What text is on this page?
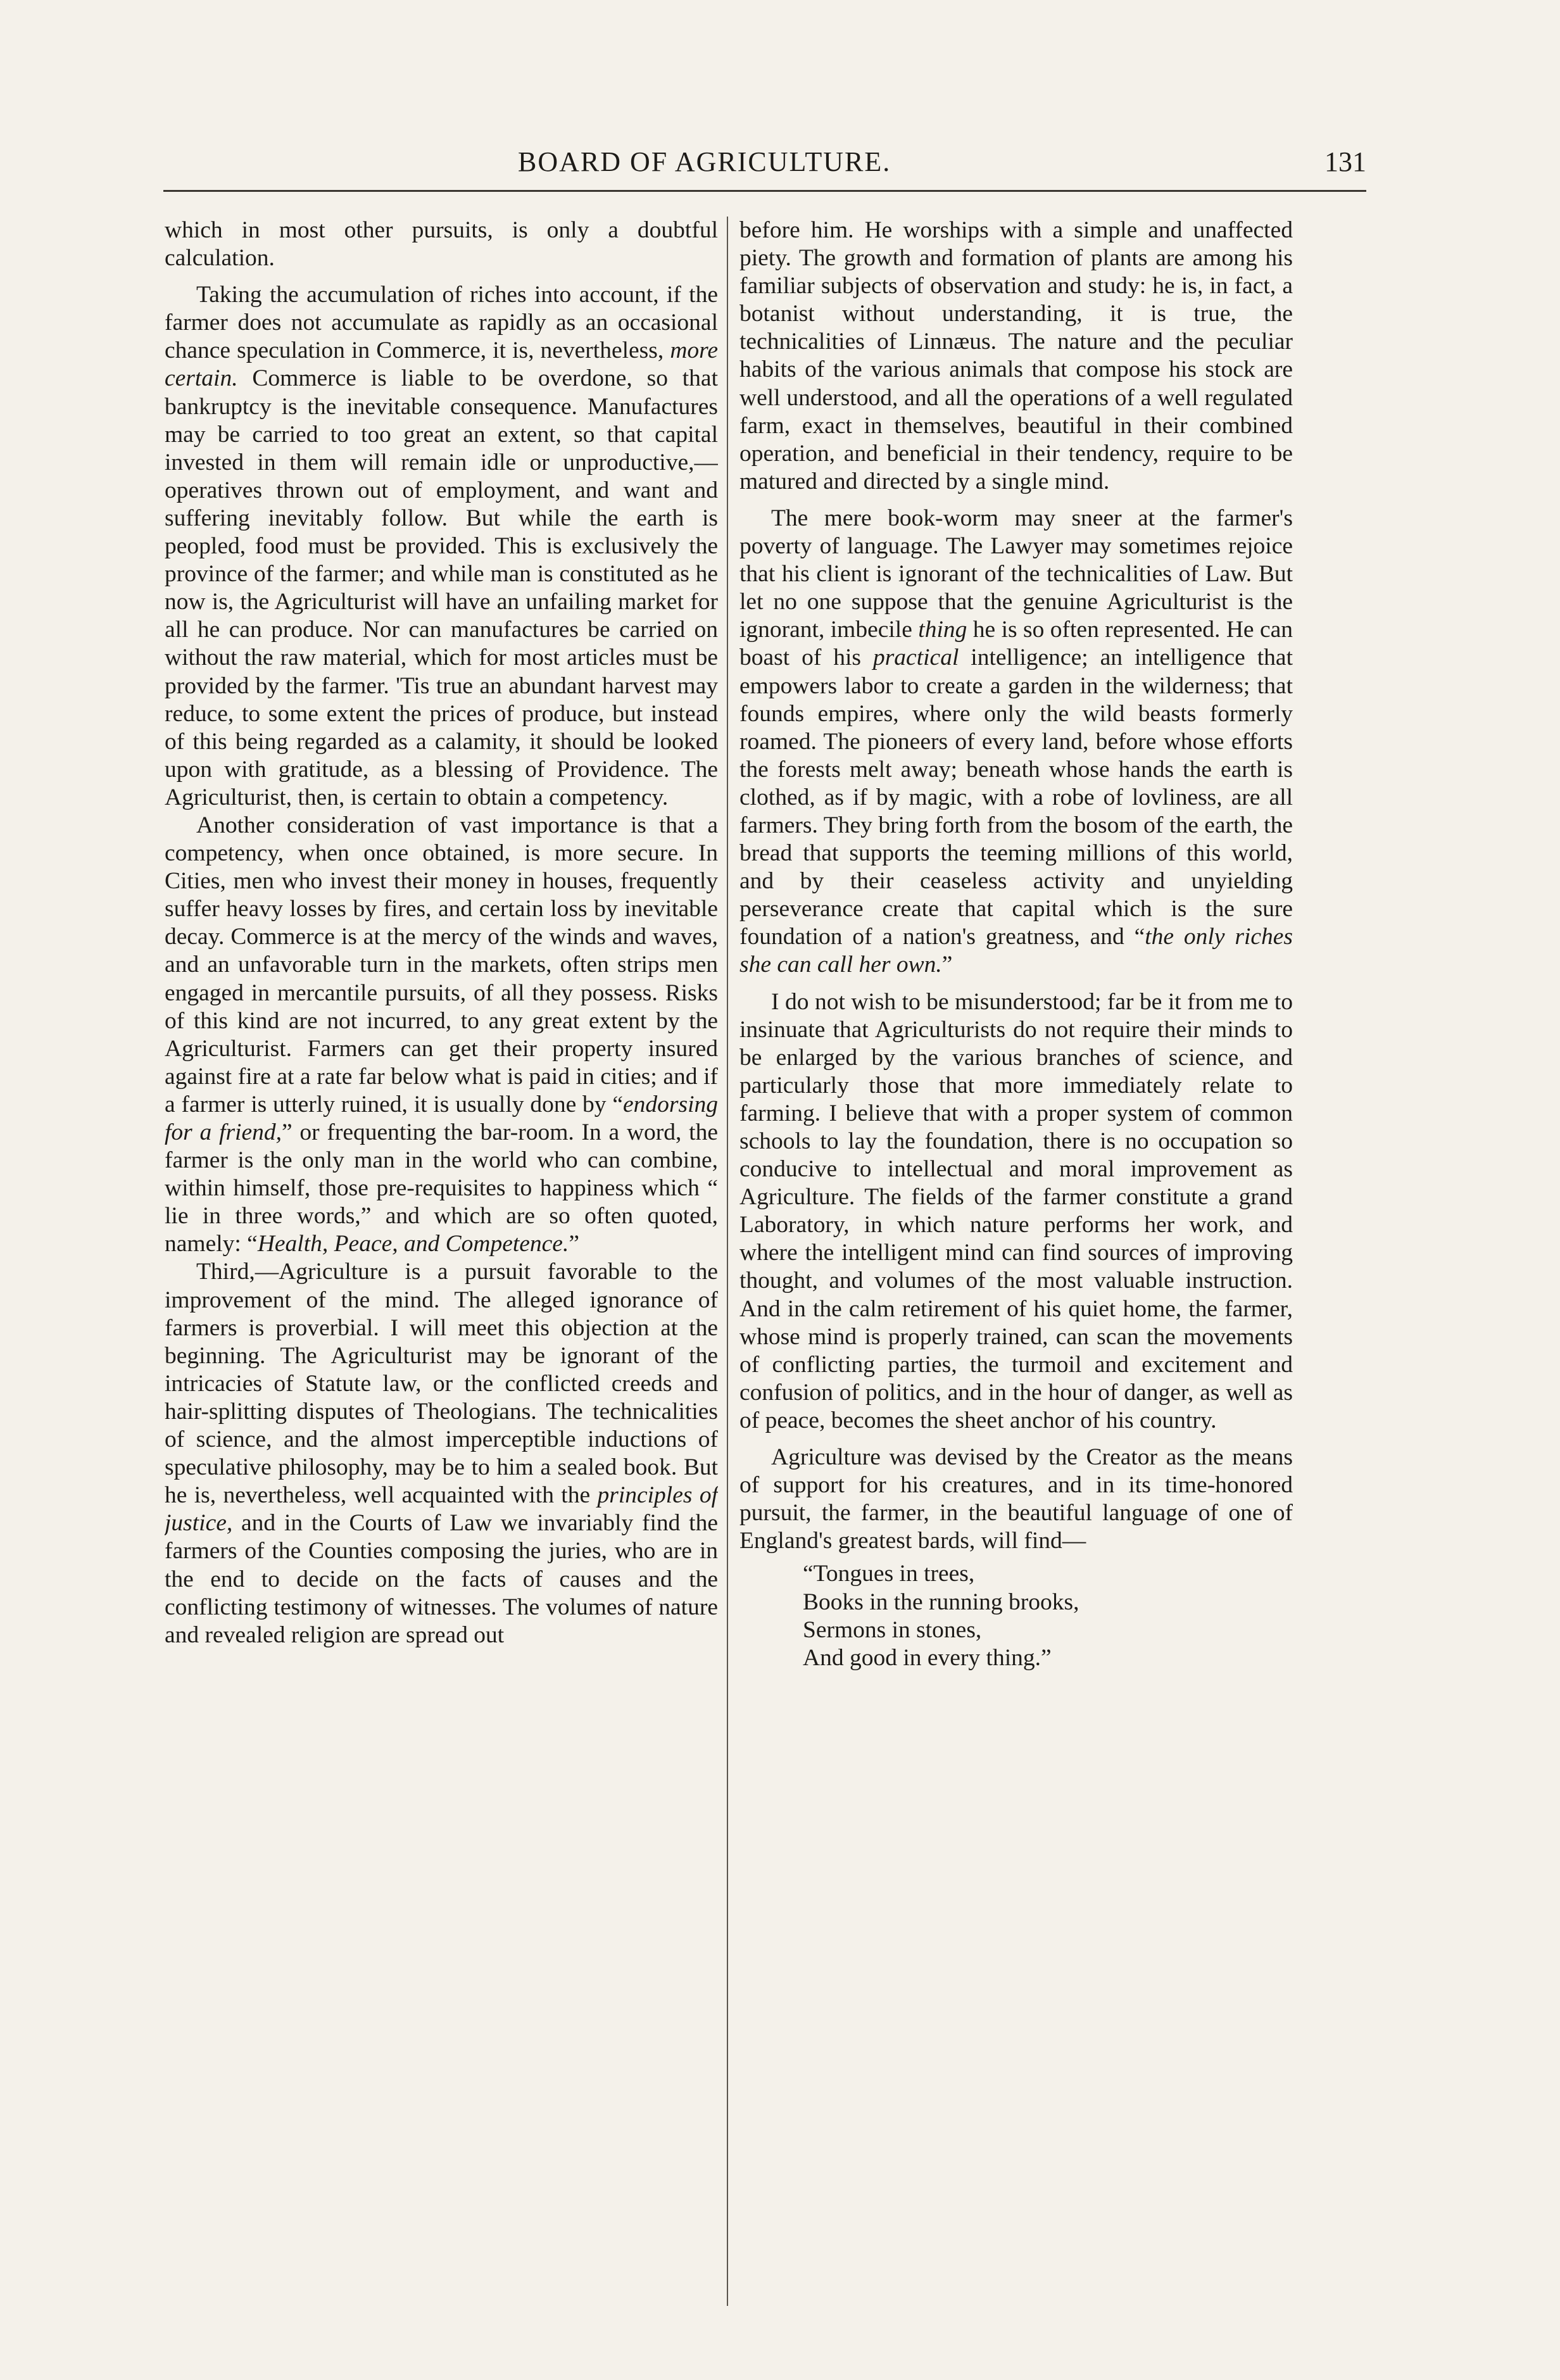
BOARD OF AGRICULTURE.	131

which in most other pursuits, is only a doubtful calculation.

Taking the accumulation of riches into account, if the farmer does not accumulate as rapidly as an occasional chance speculation in Commerce, it is, nevertheless, more certain. Commerce is liable to be overdone, so that bankruptcy is the inevitable consequence. Manufactures may be carried to too great an extent, so that capital invested in them will remain idle or unproductive,—operatives thrown out of employment, and want and suffering inevitably follow. But while the earth is peopled, food must be provided. This is exclusively the province of the farmer; and while man is constituted as he now is, the Agriculturist will have an unfailing market for all he can produce. Nor can manufactures be carried on without the raw material, which for most articles must be provided by the farmer. 'Tis true an abundant harvest may reduce, to some extent the prices of produce, but instead of this being regarded as a calamity, it should be looked upon with gratitude, as a blessing of Providence. The Agriculturist, then, is certain to obtain a competency.

Another consideration of vast importance is that a competency, when once obtained, is more secure. In Cities, men who invest their money in houses, frequently suffer heavy losses by fires, and certain loss by inevitable decay. Commerce is at the mercy of the winds and waves, and an unfavorable turn in the markets, often strips men engaged in mercantile pursuits, of all they possess. Risks of this kind are not incurred, to any great extent by the Agriculturist. Farmers can get their property insured against fire at a rate far below what is paid in cities; and if a farmer is utterly ruined, it is usually done by “endorsing for a friend,” or frequenting the bar-room. In a word, the farmer is the only man in the world who can combine, within himself, those pre-requisites to happiness which “ lie in three words,” and which are so often quoted, namely: “Health, Peace, and Competence.”

Third,—Agriculture is a pursuit favorable to the improvement of the mind. The alleged ignorance of farmers is proverbial. I will meet this objection at the beginning. The Agriculturist may be ignorant of the intricacies of Statute law, or the conflicted creeds and hair-splitting disputes of Theologians. The technicalities of science, and the almost imperceptible inductions of speculative philosophy, may be to him a sealed book. But he is, nevertheless, well acquainted with the principles of justice, and in the Courts of Law we invariably find the farmers of the Counties composing the juries, who are in the end to decide on the facts of causes and the conflicting testimony of witnesses. The volumes of nature and revealed religion are spread out

before him. He worships with a simple and unaffected piety. The growth and formation of plants are among his familiar subjects of observation and study: he is, in fact, a botanist without understanding, it is true, the technicalities of Linnæus. The nature and the peculiar habits of the various animals that compose his stock are well understood, and all the operations of a well regulated farm, exact in themselves, beautiful in their combined operation, and beneficial in their tendency, require to be matured and directed by a single mind.

The mere book-worm may sneer at the farmer's poverty of language. The Lawyer may sometimes rejoice that his client is ignorant of the technicalities of Law. But let no one suppose that the genuine Agriculturist is the ignorant, imbecile thing he is so often represented. He can boast of his practical intelligence; an intelligence that empowers labor to create a garden in the wilderness; that founds empires, where only the wild beasts formerly roamed. The pioneers of every land, before whose efforts the forests melt away; beneath whose hands the earth is clothed, as if by magic, with a robe of lovliness, are all farmers. They bring forth from the bosom of the earth, the bread that supports the teeming millions of this world, and by their ceaseless activity and unyielding perseverance create that capital which is the sure foundation of a nation's greatness, and “the only riches she can call her own.”

I do not wish to be misunderstood; far be it from me to insinuate that Agriculturists do not require their minds to be enlarged by the various branches of science, and particularly those that more immediately relate to farming. I believe that with a proper system of common schools to lay the foundation, there is no occupation so conducive to intellectual and moral improvement as Agriculture. The fields of the farmer constitute a grand Laboratory, in which nature performs her work, and where the intelligent mind can find sources of improving thought, and volumes of the most valuable instruction. And in the calm retirement of his quiet home, the farmer, whose mind is properly trained, can scan the movements of conflicting parties, the turmoil and excitement and confusion of politics, and in the hour of danger, as well as of peace, becomes the sheet anchor of his country.

Agriculture was devised by the Creator as the means of support for his creatures, and in its time-honored pursuit, the farmer, in the beautiful language of one of England's greatest bards, will find—

“Tongues in trees,
Books in the running brooks,
Sermons in stones,
And good in every thing.”
